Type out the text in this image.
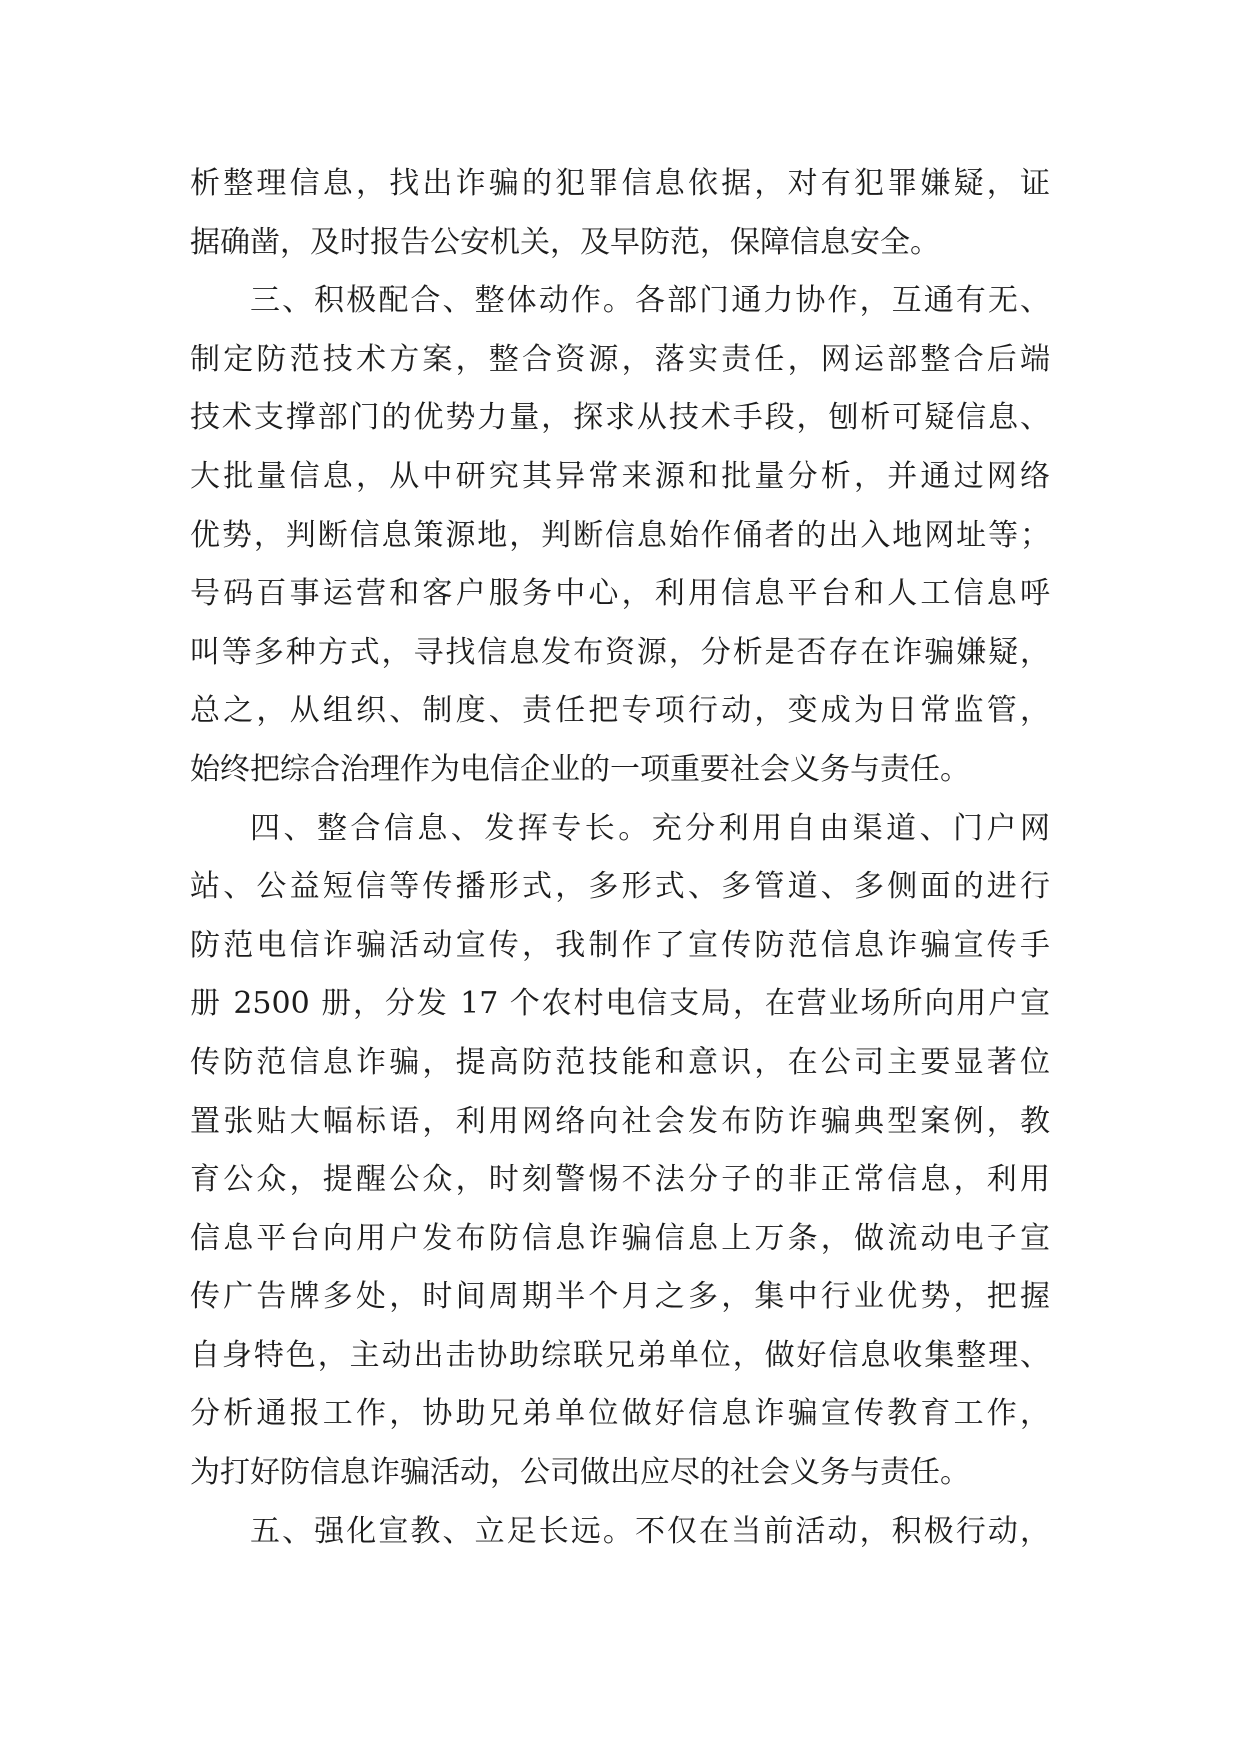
析整理信息，找出诈骗的犯罪信息依据，对有犯罪嫌疑，证
据确凿，及时报告公安机关，及早防范，保障信息安全。
三、积极配合、整体动作。各部门通力协作，互通有无、
制定防范技术方案，整合资源，落实责任，网运部整合后端
技术支撑部门的优势力量，探求从技术手段，刨析可疑信息、
大批量信息，从中研究其异常来源和批量分析，并通过网络
优势，判断信息策源地，判断信息始作俑者的出入地网址等；
号码百事运营和客户服务中心，利用信息平台和人工信息呼
叫等多种方式，寻找信息发布资源，分析是否存在诈骗嫌疑，
总之，从组织、制度、责任把专项行动，变成为日常监管，
始终把综合治理作为电信企业的一项重要社会义务与责任。
四、整合信息、发挥专长。充分利用自由渠道、门户网
站、公益短信等传播形式，多形式、多管道、多侧面的进行
防范电信诈骗活动宣传，我制作了宣传防范信息诈骗宣传手
册 2500 册，分发 17 个农村电信支局，在营业场所向用户宣
传防范信息诈骗，提高防范技能和意识，在公司主要显著位
置张贴大幅标语，利用网络向社会发布防诈骗典型案例，教
育公众，提醒公众，时刻警惕不法分子的非正常信息，利用
信息平台向用户发布防信息诈骗信息上万条，做流动电子宣
传广告牌多处，时间周期半个月之多，集中行业优势，把握
自身特色，主动出击协助综联兄弟单位，做好信息收集整理、
分析通报工作，协助兄弟单位做好信息诈骗宣传教育工作，
为打好防信息诈骗活动，公司做出应尽的社会义务与责任。
五、强化宣教、立足长远。不仅在当前活动，积极行动，
